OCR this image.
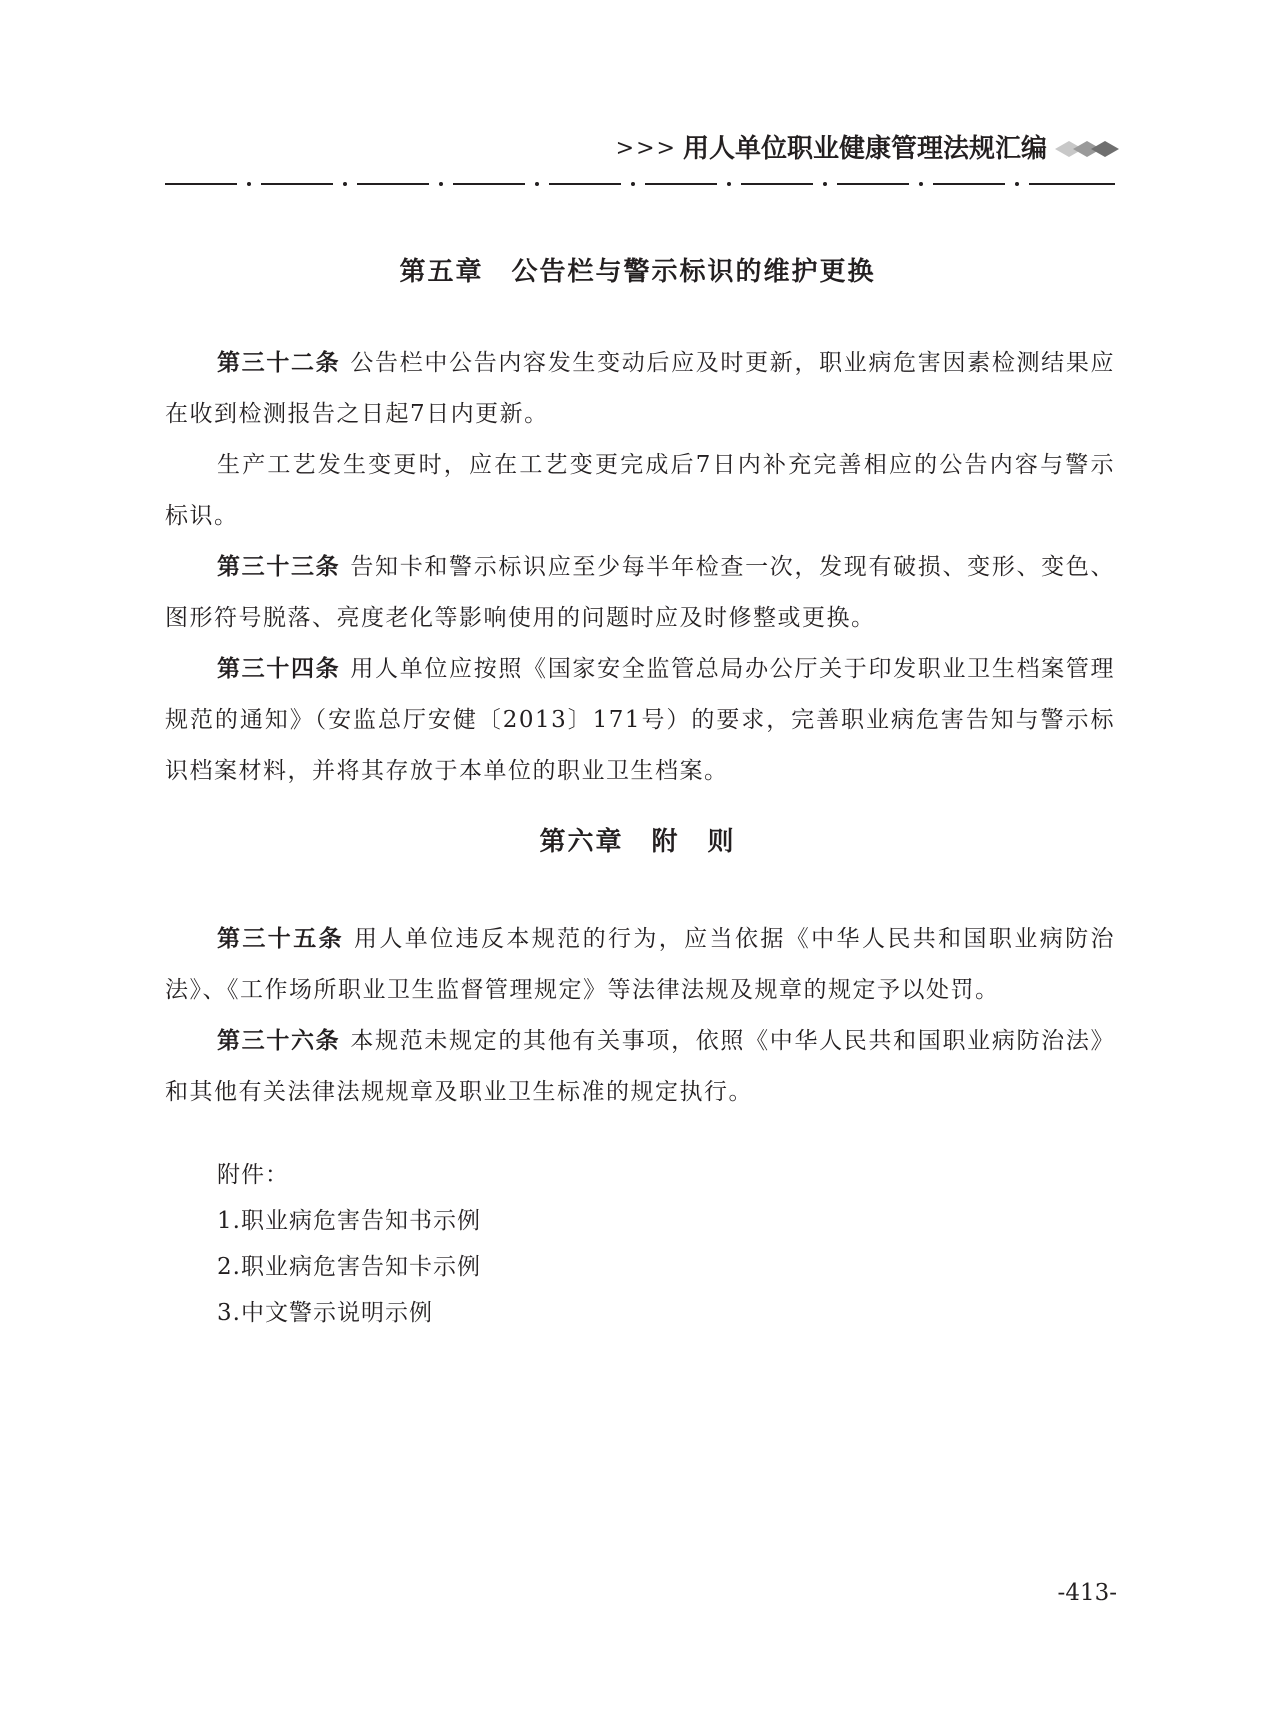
>>> 用人单位职业健康管理法规汇编
第五章　公告栏与警示标识的维护更换

第三十二条 公告栏中公告内容发生变动后应及时更新，职业病危害因素检测结果应在收到检测报告之日起7日内更新。

生产工艺发生变更时，应在工艺变更完成后7日内补充完善相应的公告内容与警示标识。

第三十三条 告知卡和警示标识应至少每半年检查一次，发现有破损、变形、变色、图形符号脱落、亮度老化等影响使用的问题时应及时修整或更换。

第三十四条 用人单位应按照《国家安全监管总局办公厅关于印发职业卫生档案管理规范的通知》（安监总厅安健〔2013〕171号）的要求，完善职业病危害告知与警示标识档案材料，并将其存放于本单位的职业卫生档案。

第六章　附　则

第三十五条 用人单位违反本规范的行为，应当依据《中华人民共和国职业病防治法》、《工作场所职业卫生监督管理规定》等法律法规及规章的规定予以处罚。

第三十六条 本规范未规定的其他有关事项，依照《中华人民共和国职业病防治法》和其他有关法律法规规章及职业卫生标准的规定执行。

附件：
1.职业病危害告知书示例
2.职业病危害告知卡示例
3.中文警示说明示例
-413-
